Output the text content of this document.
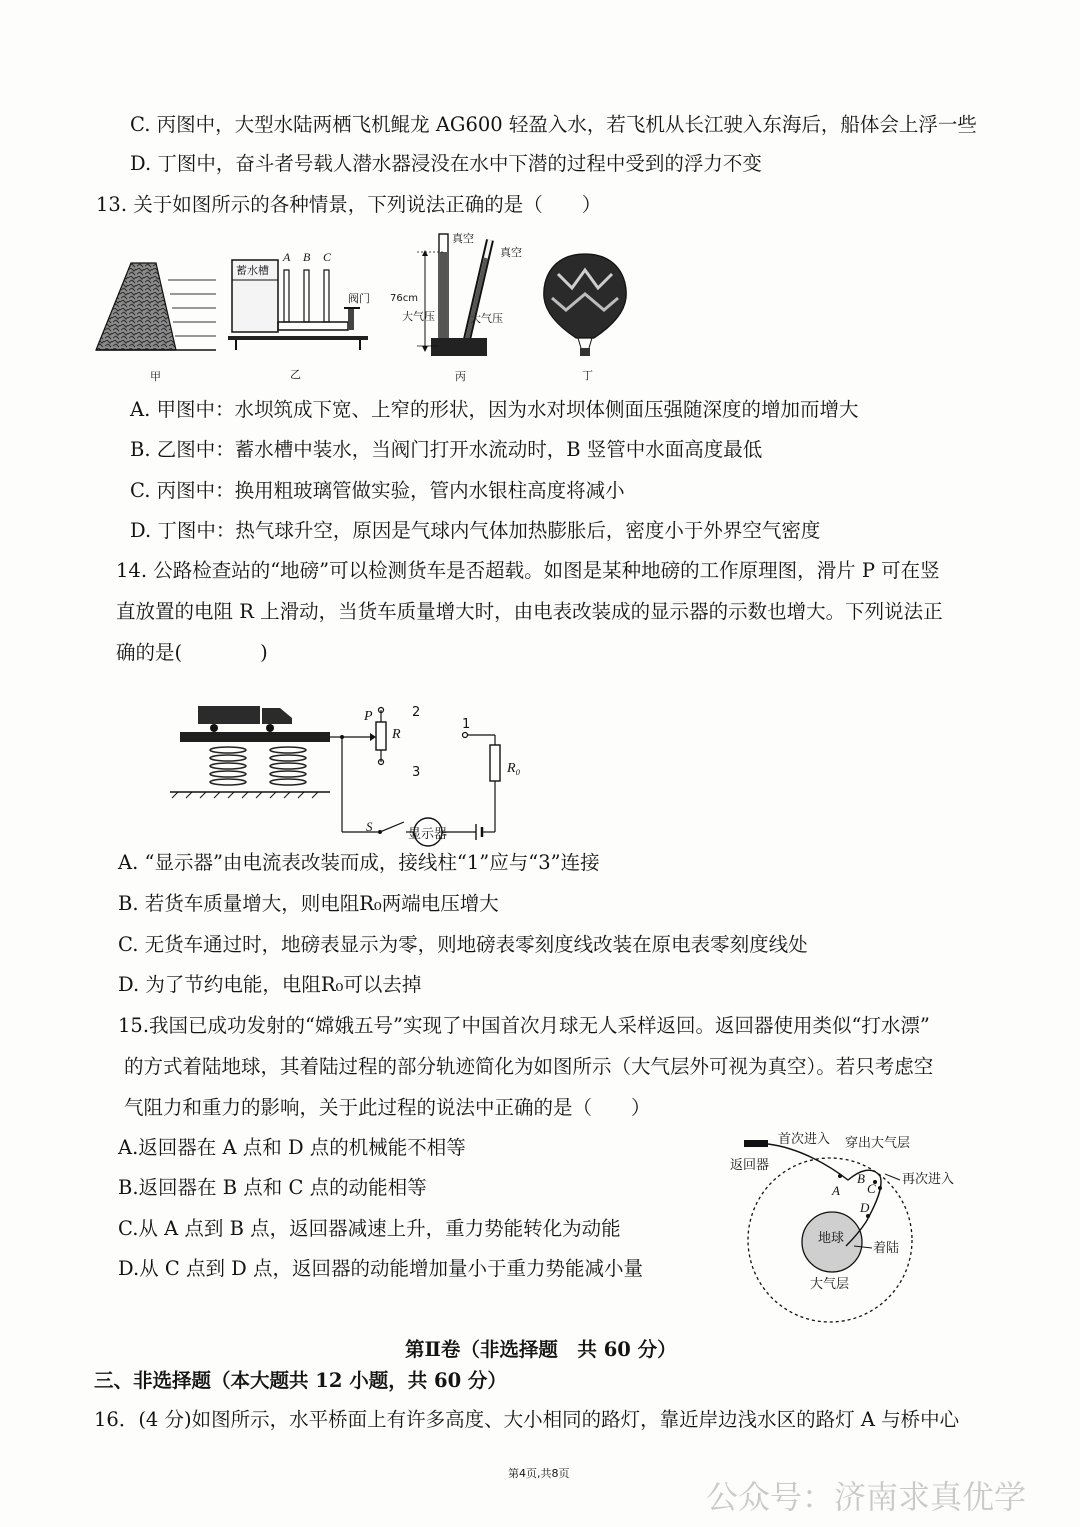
C. 丙图中，大型水陆两栖飞机鲲龙 AG600 轻盈入水，若飞机从长江驶入东海后，船体会上浮一些
D. 丁图中，奋斗者号载人潜水器浸没在水中下潜的过程中受到的浮力不变
13. 关于如图所示的各种情景，下列说法正确的是（　　）
甲
蓄水槽
A B C
阀门
乙
真空
真空
76cm
大气压	大气压
丙	丁
A. 甲图中：水坝筑成下宽、上窄的形状，因为水对坝体侧面压强随深度的增加而增大
B. 乙图中：蓄水槽中装水，当阀门打开水流动时，B 竖管中水面高度最低
C. 丙图中：换用粗玻璃管做实验，管内水银柱高度将减小
D. 丁图中：热气球升空，原因是气球内气体加热膨胀后，密度小于外界空气密度
14. 公路检查站的“地磅”可以检测货车是否超载。如图是某种地磅的工作原理图，滑片 P 可在竖
直放置的电阻 R 上滑动，当货车质量增大时，由电表改装成的显示器的示数也增大。下列说法正
确的是(　　　　)
P
R
2
3
1
R₀
S
显示器
A. “显示器”由电流表改装而成，接线柱“1”应与“3”连接
B. 若货车质量增大，则电阻R₀两端电压增大
C. 无货车通过时，地磅表显示为零，则地磅表零刻度线改装在原电表零刻度线处
D. 为了节约电能，电阻R₀可以去掉
15.我国已成功发射的“嫦娥五号”实现了中国首次月球无人采样返回。返回器使用类似“打水漂”
的方式着陆地球，其着陆过程的部分轨迹简化为如图所示（大气层外可视为真空）。若只考虑空
气阻力和重力的影响，关于此过程的说法中正确的是（　　）
A.返回器在 A 点和 D 点的机械能不相等
B.返回器在 B 点和 C 点的动能相等
C.从 A 点到 B 点，返回器减速上升，重力势能转化为动能
D.从 C 点到 D 点，返回器的动能增加量小于重力势能减小量
返回器
首次进入 穿出大气层
再次进入
A
B
C
D
地球
着陆
大气层
第Ⅱ卷（非选择题　共 60 分）
三、非选择题（本大题共 12 小题，共 60 分）
16．(4 分)如图所示，水平桥面上有许多高度、大小相同的路灯，靠近岸边浅水区的路灯 A 与桥中心
第4页,共8页
公众号：济南求真优学
